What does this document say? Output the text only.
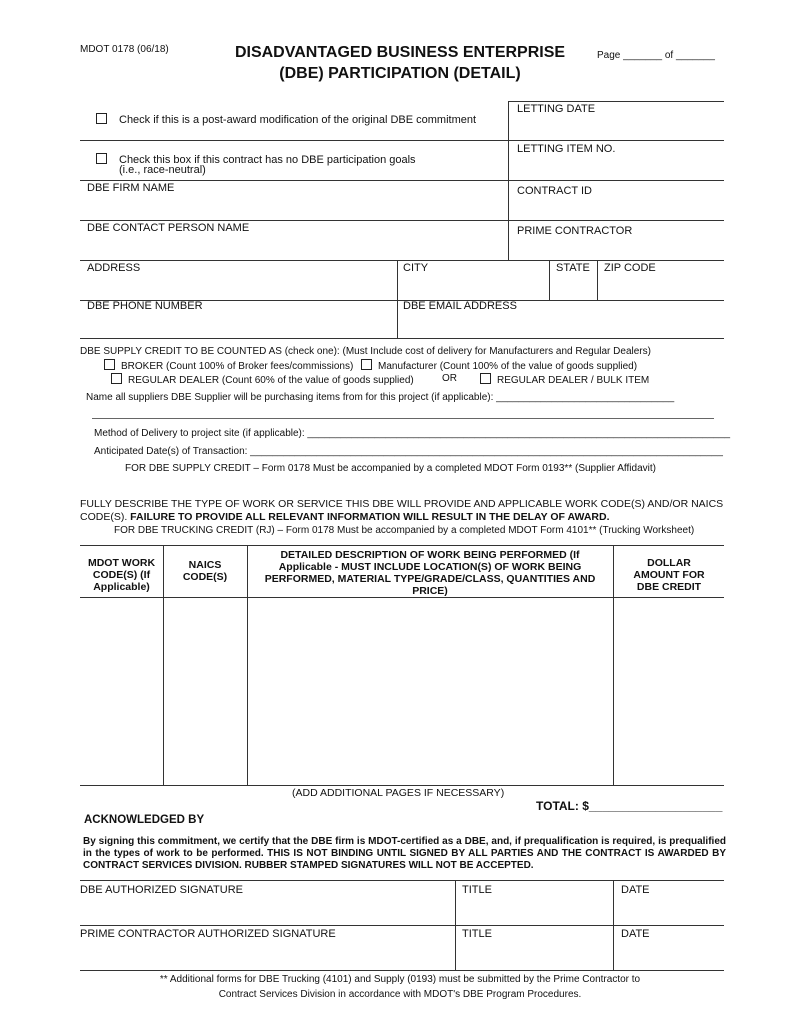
MDOT 0178 (06/18)	DISADVANTAGED BUSINESS ENTERPRISE
(DBE) PARTICIPATION (DETAIL)
Page _______ of _______
Check if this is a post-award modification of the original DBE commitment
Check this box if this contract has no DBE participation goals
(i.e., race-neutral)
LETTING DATE
LETTING ITEM NO.
DBE FIRM NAME	CONTRACT ID
DBE CONTACT PERSON NAME	PRIME CONTRACTOR
ADDRESS	CITY	STATE ZIP CODE
DBE PHONE NUMBER	DBE EMAIL ADDRESS
DBE SUPPLY CREDIT TO BE COUNTED AS (check one): (Must Include cost of delivery for Manufacturers and Regular Dealers)
BROKER (Count 100% of Broker fees/commissions)	Manufacturer (Count 100% of the value of goods supplied)
REGULAR DEALER (Count 60% of the value of goods supplied)	OR	REGULAR DEALER / BULK ITEM
Name all suppliers DBE Supplier will be purchasing items from for this project (if applicable): ________________________________
Method of Delivery to project site (if applicable): ____________________________________________________________________________
Anticipated Date(s) of Transaction: _____________________________________________________________________________________
FOR DBE SUPPLY CREDIT – Form 0178 Must be accompanied by a completed MDOT Form 0193** (Supplier Affidavit)
FULLY DESCRIBE THE TYPE OF WORK OR SERVICE THIS DBE WILL PROVIDE AND APPLICABLE WORK CODE(S) AND/OR NAICS
CODE(S). FAILURE TO PROVIDE ALL RELEVANT INFORMATION WILL RESULT IN THE DELAY OF AWARD.
FOR DBE TRUCKING CREDIT (RJ) – Form 0178 Must be accompanied by a completed MDOT Form 4101** (Trucking Worksheet)
MDOT WORK CODE(S) (If Applicable)
NAICS CODE(S)
DETAILED DESCRIPTION OF WORK BEING PERFORMED (If Applicable - MUST INCLUDE LOCATION(S) OF WORK BEING PERFORMED, MATERIAL TYPE/GRADE/CLASS, QUANTITIES AND PRICE)
DOLLAR AMOUNT FOR DBE CREDIT
(ADD ADDITIONAL PAGES IF NECESSARY)
TOTAL: $____________________
ACKNOWLEDGED BY
By signing this commitment, we certify that the DBE firm is MDOT-certified as a DBE, and, if prequalification is required, is prequalified in the types of work to be performed. THIS IS NOT BINDING UNTIL SIGNED BY ALL PARTIES AND THE CONTRACT IS AWARDED BY CONTRACT SERVICES DIVISION. RUBBER STAMPED SIGNATURES WILL NOT BE ACCEPTED.
DBE AUTHORIZED SIGNATURE	TITLE	DATE
PRIME CONTRACTOR AUTHORIZED SIGNATURE	TITLE	DATE
** Additional forms for DBE Trucking (4101) and Supply (0193) must be submitted by the Prime Contractor to
Contract Services Division in accordance with MDOT's DBE Program Procedures.
